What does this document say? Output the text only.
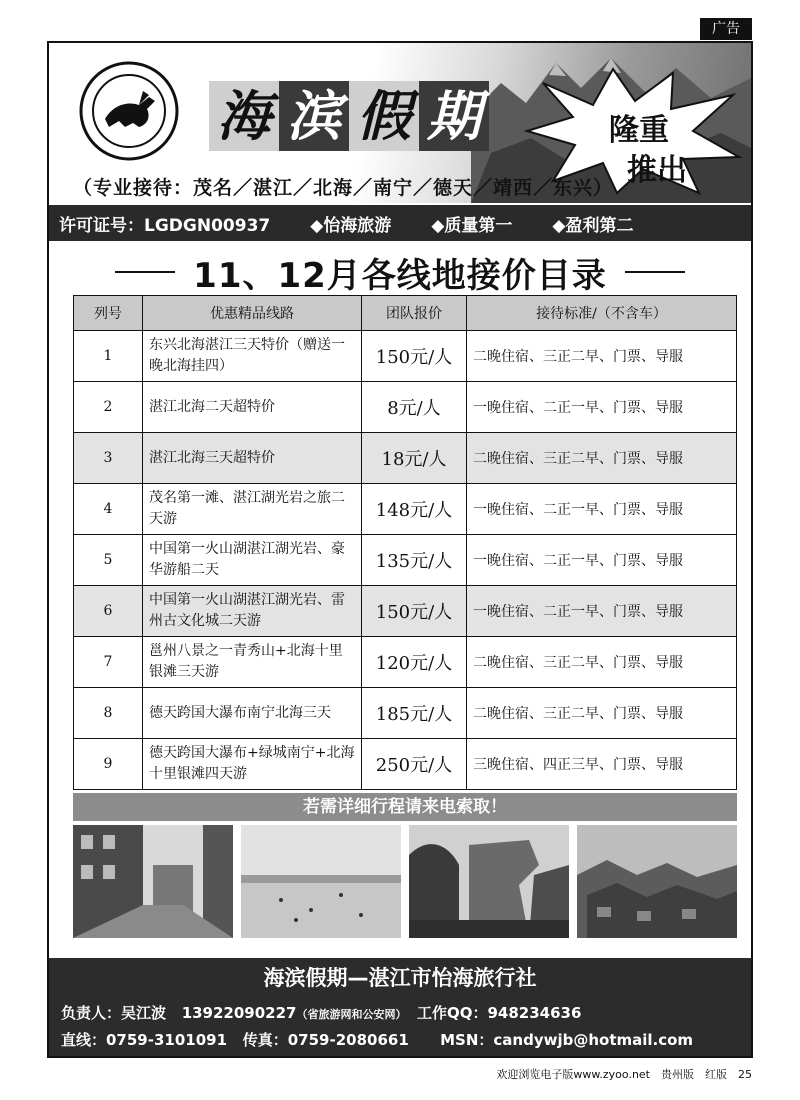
广告
海 滨 假 期	隆重
推出
（专业接待：茂名／湛江／北海／南宁／德天／靖西／东兴）
许可证号：LGDGN00937 ◆怡海旅游 ◆质量第一 ◆盈利第二
11、12月各线地接价目录
列号	优惠精品线路	团队报价	接待标准/（不含车）
1	东兴北海湛江三天特价（赠送一晚北海挂四）	150元/人	二晚住宿、三正二早、门票、导服
2	湛江北海二天超特价	8元/人	一晚住宿、二正一早、门票、导服
3	湛江北海三天超特价	18元/人	二晚住宿、三正二早、门票、导服
4	茂名第一滩、湛江湖光岩之旅二天游	148元/人	一晚住宿、二正一早、门票、导服
5	中国第一火山湖湛江湖光岩、豪华游船二天	135元/人	一晚住宿、二正一早、门票、导服
6	中国第一火山湖湛江湖光岩、雷州古文化城二天游	150元/人	一晚住宿、二正一早、门票、导服
7	邕州八景之一青秀山+北海十里银滩三天游	120元/人	二晚住宿、三正二早、门票、导服
8	德天跨国大瀑布南宁北海三天	185元/人	二晚住宿、三正二早、门票、导服
9	德天跨国大瀑布+绿城南宁+北海十里银滩四天游	250元/人	三晚住宿、四正三早、门票、导服
若需详细行程请来电索取！
海滨假期—湛江市怡海旅行社
负责人：吴江波 13922090227（省旅游网和公安网） 工作QQ：948234636
直线：0759-3101091 传真：0759-2080661 MSN：candywjb@hotmail.com
欢迎浏览电子版www.zyoo.net　贵州版　红版　25
